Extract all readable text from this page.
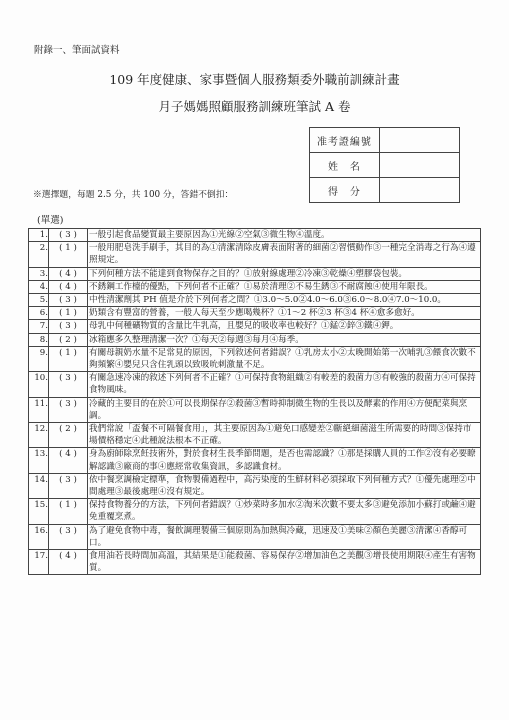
附錄一、筆面試資料
109 年度健康、家事暨個人服務類委外職前訓練計畫
月子媽媽照顧服務訓練班筆試 A 卷
准考證編號	
姓　名	
得　分	
※選擇題，每題 2.5 分，共 100 分，答錯不倒扣：
(單選)
1.	( 3 )	一般引起食品變質最主要原因為①光線②空氣③微生物④溫度。
2.	( 1 )	一般用肥皂洗手刷手，其目的為①清潔清除皮膚表面附著的細菌②習慣動作③一種完全消毒之行為④遵照規定。
3.	( 4 )	下列何種方法不能達到食物保存之目的？①放射線處理②冷凍③乾燥④塑膠袋包裝。
4.	( 4 )	不銹鋼工作檯的優點，下列何者不正確？①易於清理②不易生銹③不耐腐蝕④使用年限長。
5.	( 3 )	中性清潔劑其 PH 值是介於下列何者之間？①3.0～5.0②4.0～6.0③6.0～8.0④7.0～10.0。
6.	( 1 )	奶類含有豐富的營養，一般人每天至少應喝幾杯？①1～2 杯②3 杯③4 杯④愈多愈好。
7.	( 3 )	母乳中何種礦物質的含量比牛乳高，且嬰兒的吸收率也較好？①錳②鋅③鐵④鉀。
8.	( 2 )	冰箱應多久整理清潔一次？①每天②每週③每月④每季。
9.	( 1 )	有關母親奶水量不足常見的原因，下列敘述何者錯誤？①乳房太小②太晚開始第一次哺乳③餵食次數不夠頻繁④嬰兒只含住乳頭以致吸吮刺激量不足。
10.	( 3 )	有關急速冷凍的敘述下列何者不正確？①可保持食物組織②有較差的殺菌力③有較強的殺菌力④可保持食物風味。
11.	( 3 )	冷藏的主要目的在於①可以長期保存②殺菌③暫時抑制微生物的生長以及酵素的作用④方便配菜與烹調。
12.	( 2 )	我們常說「盃餐不可隔餐食用」，其主要原因為①避免口感變差②斷絕細菌滋生所需要的時間③保持市場價格穩定④此種說法根本不正確。
13.	( 4 )	身為廚師除烹飪技術外，對於食材生長季節問題，是否也需認識？①那是採購人員的工作②沒有必要瞭解認識③廠商的事④應經常收集資訊，多認識食材。
14.	( 3 )	依中餐烹調檢定標準，食物製備過程中，高污染度的生鮮材料必須採取下列何種方式？①優先處理②中間處理③最後處理④沒有規定。
15.	( 1 )	保持食物養分的方法，下列何者錯誤？①炒菜時多加水②淘米次數不要太多③避免添加小蘇打或鹼④避免重覆烹煮。
16.	( 3 )	為了避免食物中毒，餐飲調理製備三個原則為加熱與冷藏，迅速及①美味②顏色美麗③清潔④香醇可口。
17.	( 4 )	食用油若長時間加高溫，其結果是①能殺菌、容易保存②增加油色之美觀③增長使用期限④產生有害物質。
